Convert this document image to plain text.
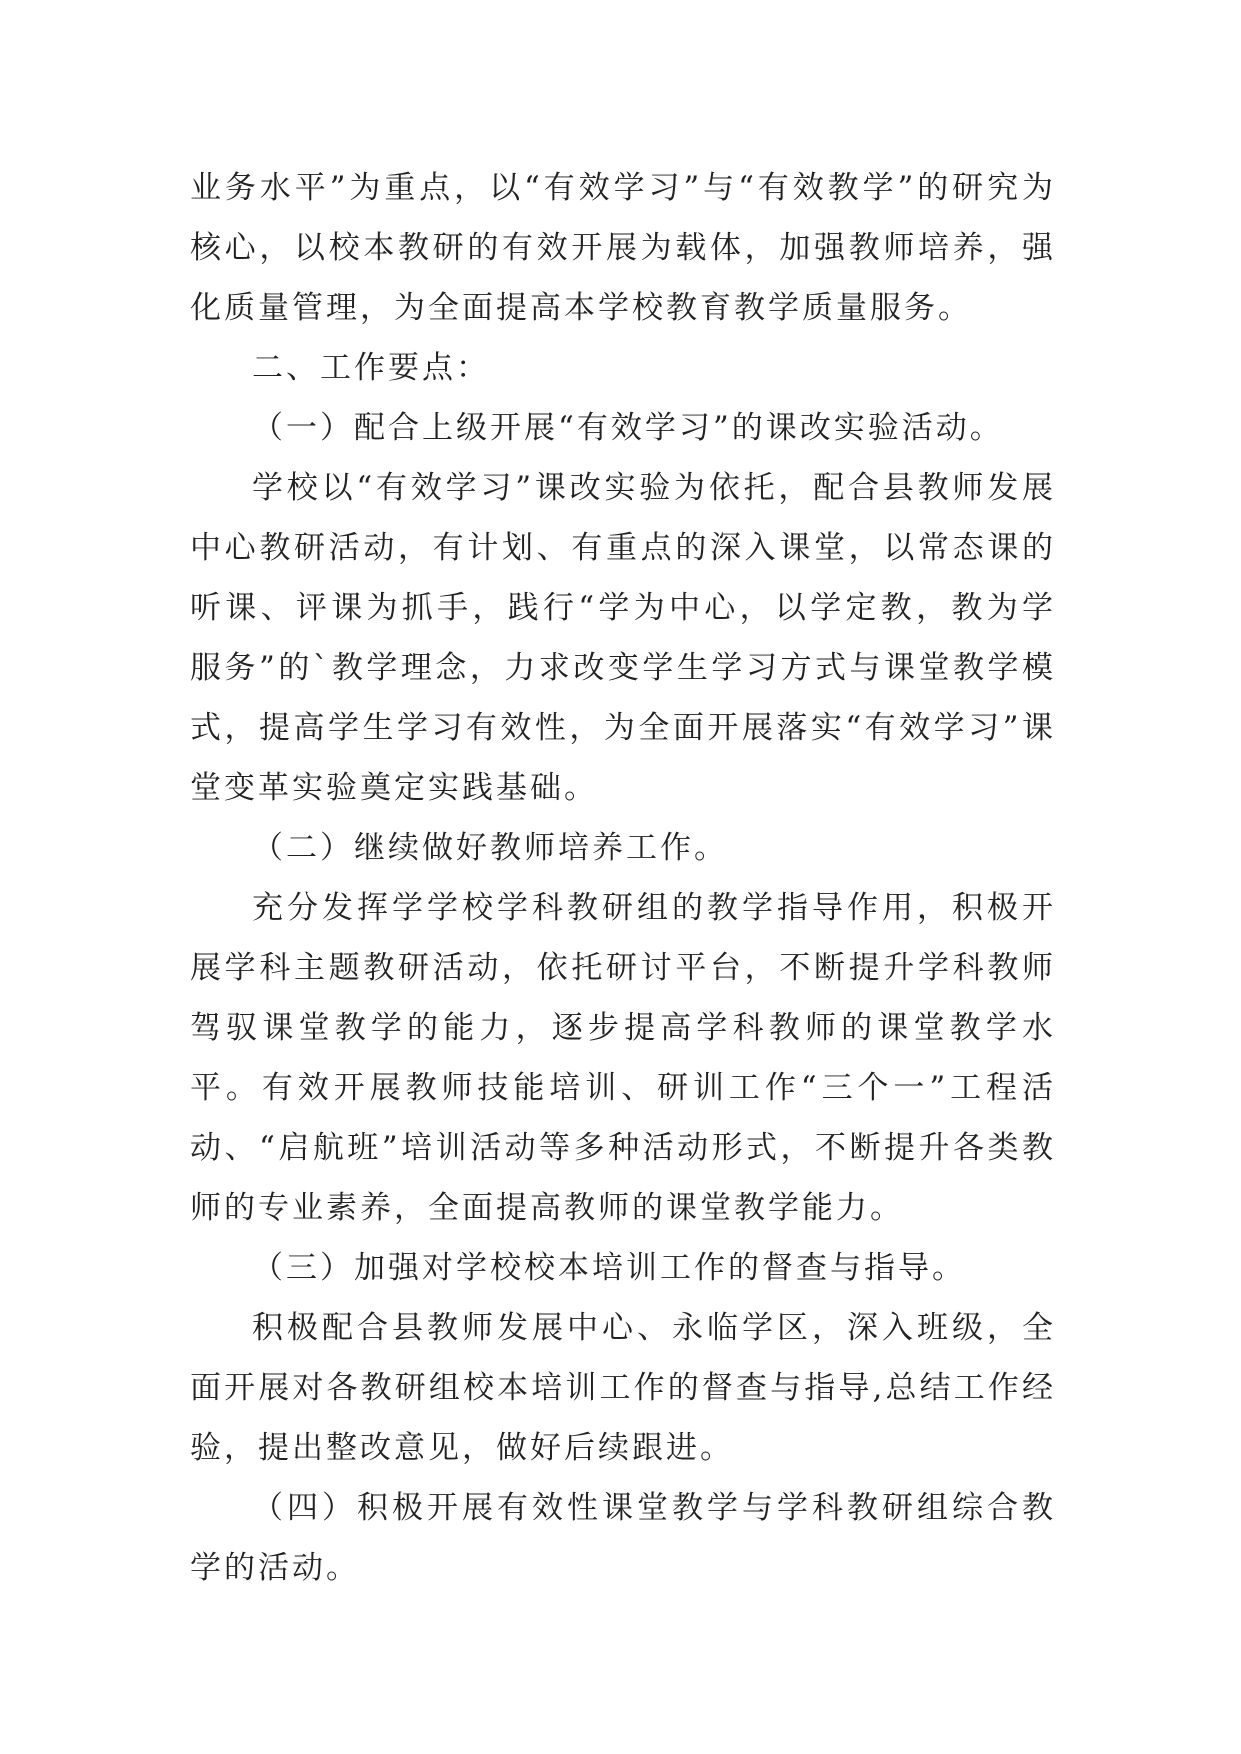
业务水平”为重点，以“有效学习”与“有效教学”的研究为核心，以校本教研的有效开展为载体，加强教师培养，强化质量管理，为全面提高本学校教育教学质量服务。

二、工作要点：

（一）配合上级开展“有效学习”的课改实验活动。

学校以“有效学习”课改实验为依托，配合县教师发展中心教研活动，有计划、有重点的深入课堂，以常态课的听课、评课为抓手，践行“学为中心，以学定教，教为学服务”的`教学理念，力求改变学生学习方式与课堂教学模式，提高学生学习有效性，为全面开展落实“有效学习”课堂变革实验奠定实践基础。

（二）继续做好教师培养工作。

充分发挥学学校学科教研组的教学指导作用，积极开展学科主题教研活动，依托研讨平台，不断提升学科教师驾驭课堂教学的能力，逐步提高学科教师的课堂教学水平。有效开展教师技能培训、研训工作“三个一”工程活动、“启航班”培训活动等多种活动形式，不断提升各类教师的专业素养，全面提高教师的课堂教学能力。

（三）加强对学校校本培训工作的督查与指导。

积极配合县教师发展中心、永临学区，深入班级，全面开展对各教研组校本培训工作的督查与指导,总结工作经验，提出整改意见，做好后续跟进。

（四）积极开展有效性课堂教学与学科教研组综合教学的活动。
